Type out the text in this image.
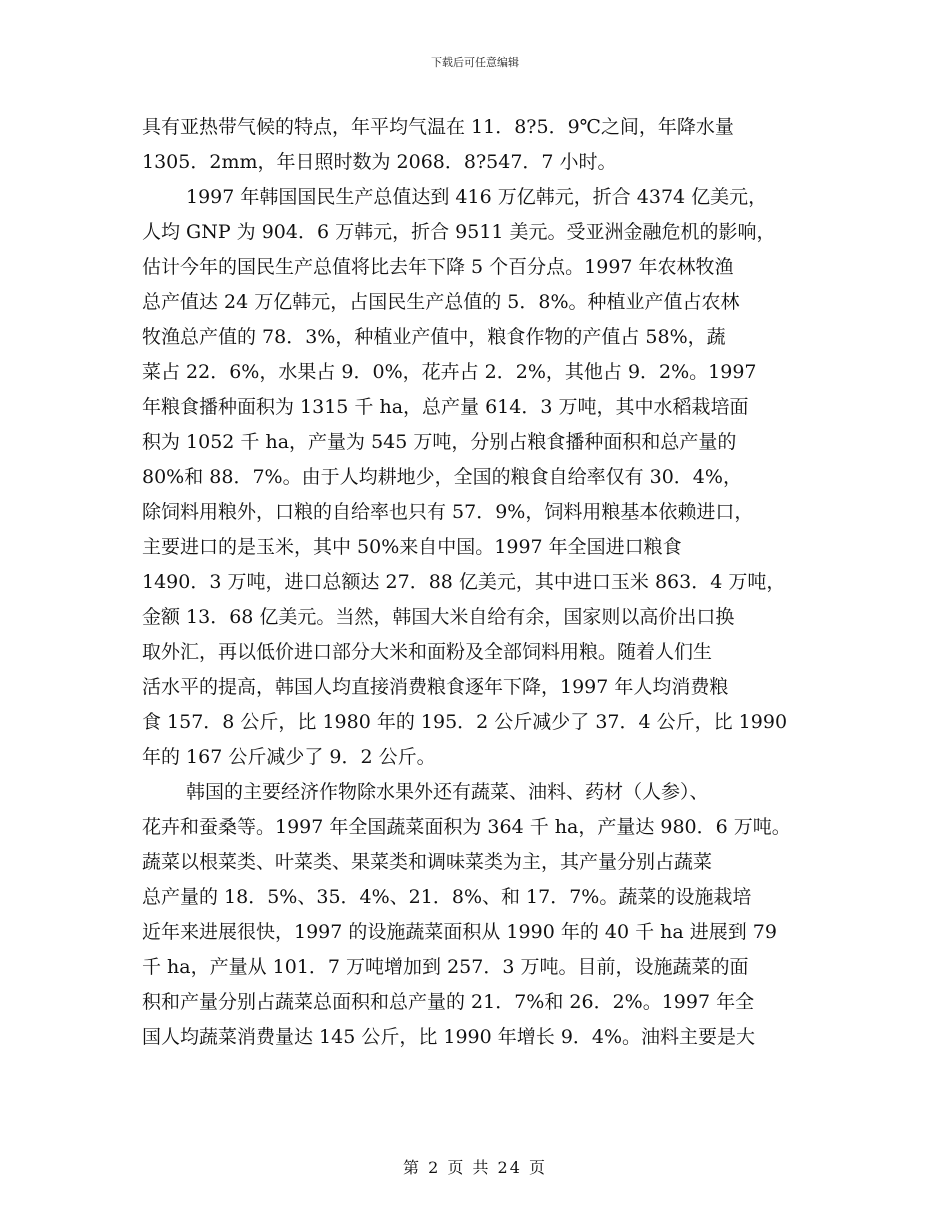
下载后可任意编辑
具有亚热带气候的特点，年平均气温在 11．8?5．9℃之间，年降水量
1305．2mm，年日照时数为 2068．8?547．7 小时。
1997 年韩国国民生产总值达到 416 万亿韩元，折合 4374 亿美元，
人均 GNP 为 904．6 万韩元，折合 9511 美元。受亚洲金融危机的影响，
估计今年的国民生产总值将比去年下降 5 个百分点。1997 年农林牧渔
总产值达 24 万亿韩元，占国民生产总值的 5．8%。种植业产值占农林
牧渔总产值的 78．3%，种植业产值中，粮食作物的产值占 58%，蔬
菜占 22．6%，水果占 9．0%，花卉占 2．2%，其他占 9．2%。1997
年粮食播种面积为 1315 千 ha，总产量 614．3 万吨，其中水稻栽培面
积为 1052 千 ha，产量为 545 万吨，分别占粮食播种面积和总产量的
80%和 88．7%。由于人均耕地少，全国的粮食自给率仅有 30．4%，
除饲料用粮外，口粮的自给率也只有 57．9%，饲料用粮基本依赖进口，
主要进口的是玉米，其中 50%来自中国。1997 年全国进口粮食
1490．3 万吨，进口总额达 27．88 亿美元，其中进口玉米 863．4 万吨，
金额 13．68 亿美元。当然，韩国大米自给有余，国家则以高价出口换
取外汇，再以低价进口部分大米和面粉及全部饲料用粮。随着人们生
活水平的提高，韩国人均直接消费粮食逐年下降，1997 年人均消费粮
食 157．8 公斤，比 1980 年的 195．2 公斤减少了 37．4 公斤，比 1990
年的 167 公斤减少了 9．2 公斤。
韩国的主要经济作物除水果外还有蔬菜、油料、药材（人参）、
花卉和蚕桑等。1997 年全国蔬菜面积为 364 千 ha，产量达 980．6 万吨。
蔬菜以根菜类、叶菜类、果菜类和调味菜类为主，其产量分别占蔬菜
总产量的 18．5%、35．4%、21．8%、和 17．7%。蔬菜的设施栽培
近年来进展很快，1997 的设施蔬菜面积从 1990 年的 40 千 ha 进展到 79
千 ha，产量从 101．7 万吨增加到 257．3 万吨。目前，设施蔬菜的面
积和产量分别占蔬菜总面积和总产量的 21．7%和 26．2%。1997 年全
国人均蔬菜消费量达 145 公斤，比 1990 年增长 9．4%。油料主要是大
第 2 页 共 24 页
